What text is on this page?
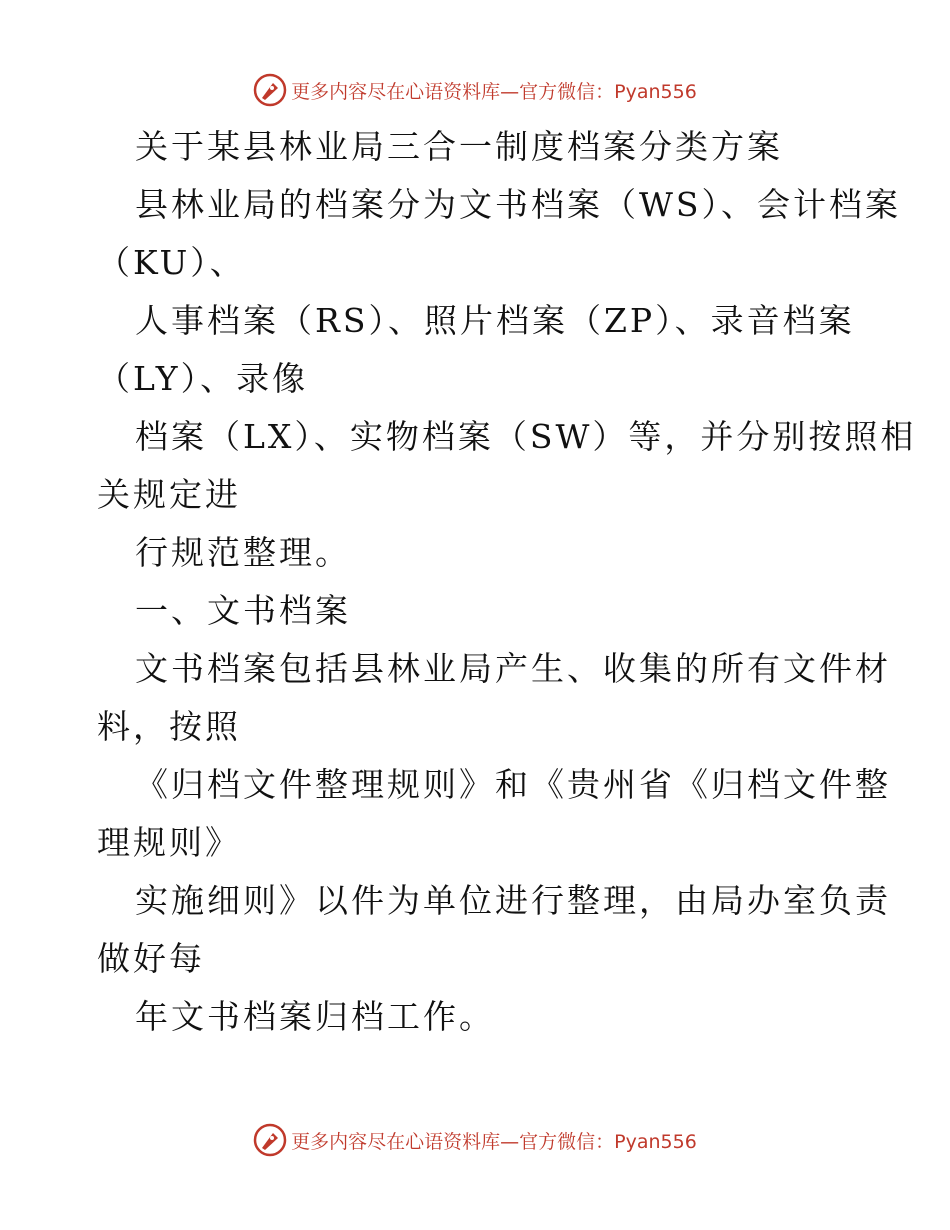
更多内容尽在心语资料库—官方微信：Pyan556
关于某县林业局三合一制度档案分类方案
县林业局的档案分为文书档案（WS）、会计档案
（KU）、
人事档案（RS）、照片档案（ZP）、录音档案
（LY）、录像
档案（LX）、实物档案（SW）等，并分别按照相
关规定进
行规范整理。
一、文书档案
文书档案包括县林业局产生、收集的所有文件材
料，按照
《归档文件整理规则》和《贵州省《归档文件整
理规则》
实施细则》以件为单位进行整理，由局办室负责
做好每
年文书档案归档工作。
更多内容尽在心语资料库—官方微信：Pyan556
